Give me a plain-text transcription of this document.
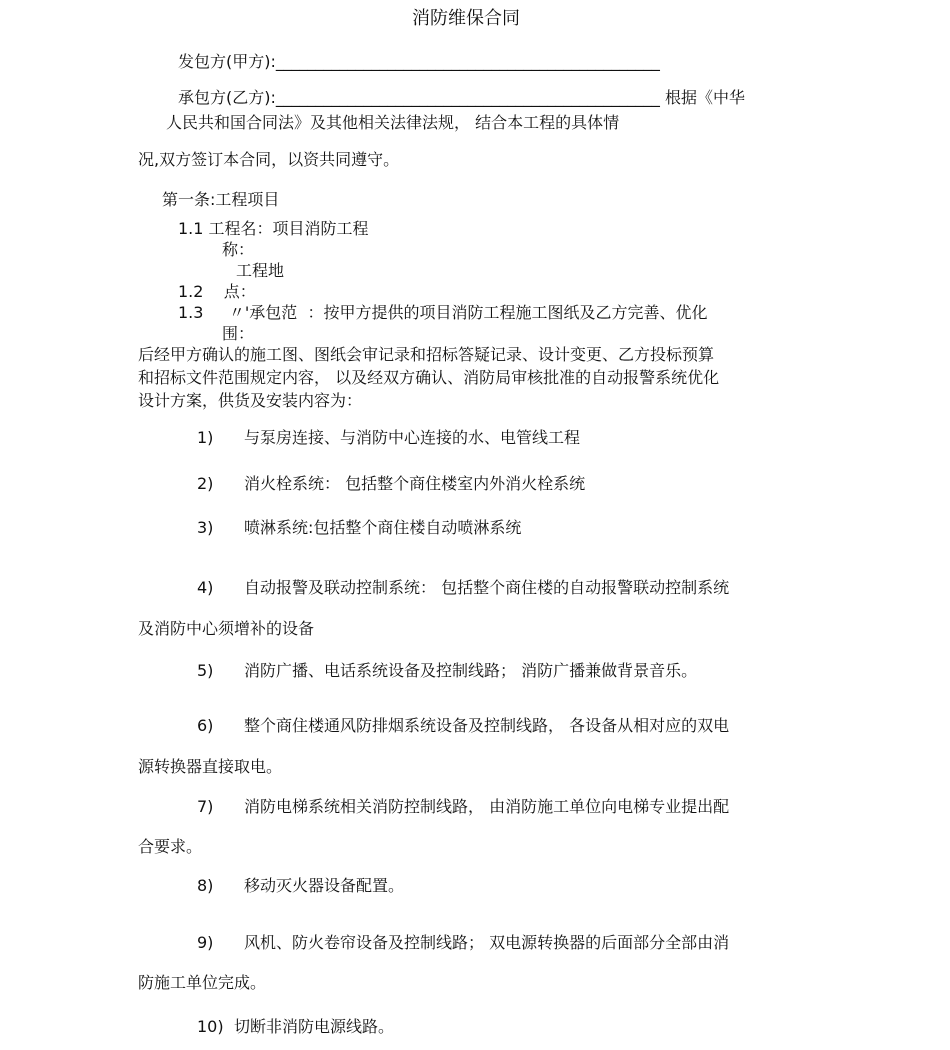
消防维保合同
发包方(甲方):________________________________________________
承包方(乙方):________________________________________________ 根据《中华
人民共和国合同法》及其他相关法律法规， 结合本工程的具体情
况,双方签订本合同，以资共同遵守。
第一条:工程项目
1.1 工程名：项目消防工程
称：
工程地
1.2    点：
1.3     〃'承包范  ：按甲方提供的项目消防工程施工图纸及乙方完善、优化
围：
后经甲方确认的施工图、图纸会审记录和招标答疑记录、设计变更、乙方投标预算
和招标文件范围规定内容， 以及经双方确认、消防局审核批准的自动报警系统优化
设计方案，供货及安装内容为：
1) 与泵房连接、与消防中心连接的水、电管线工程
2) 消火栓系统： 包括整个商住楼室内外消火栓系统
3) 喷淋系统:包括整个商住楼自动喷淋系统
4) 自动报警及联动控制系统： 包括整个商住楼的自动报警联动控制系统
及消防中心须增补的设备
5) 消防广播、电话系统设备及控制线路； 消防广播兼做背景音乐。
6) 整个商住楼通风防排烟系统设备及控制线路， 各设备从相对应的双电
源转换器直接取电。
7) 消防电梯系统相关消防控制线路， 由消防施工单位向电梯专业提出配
合要求。
8) 移动灭火器设备配置。
9) 风机、防火卷帘设备及控制线路； 双电源转换器的后面部分全部由消
防施工单位完成。
10) 切断非消防电源线路。
